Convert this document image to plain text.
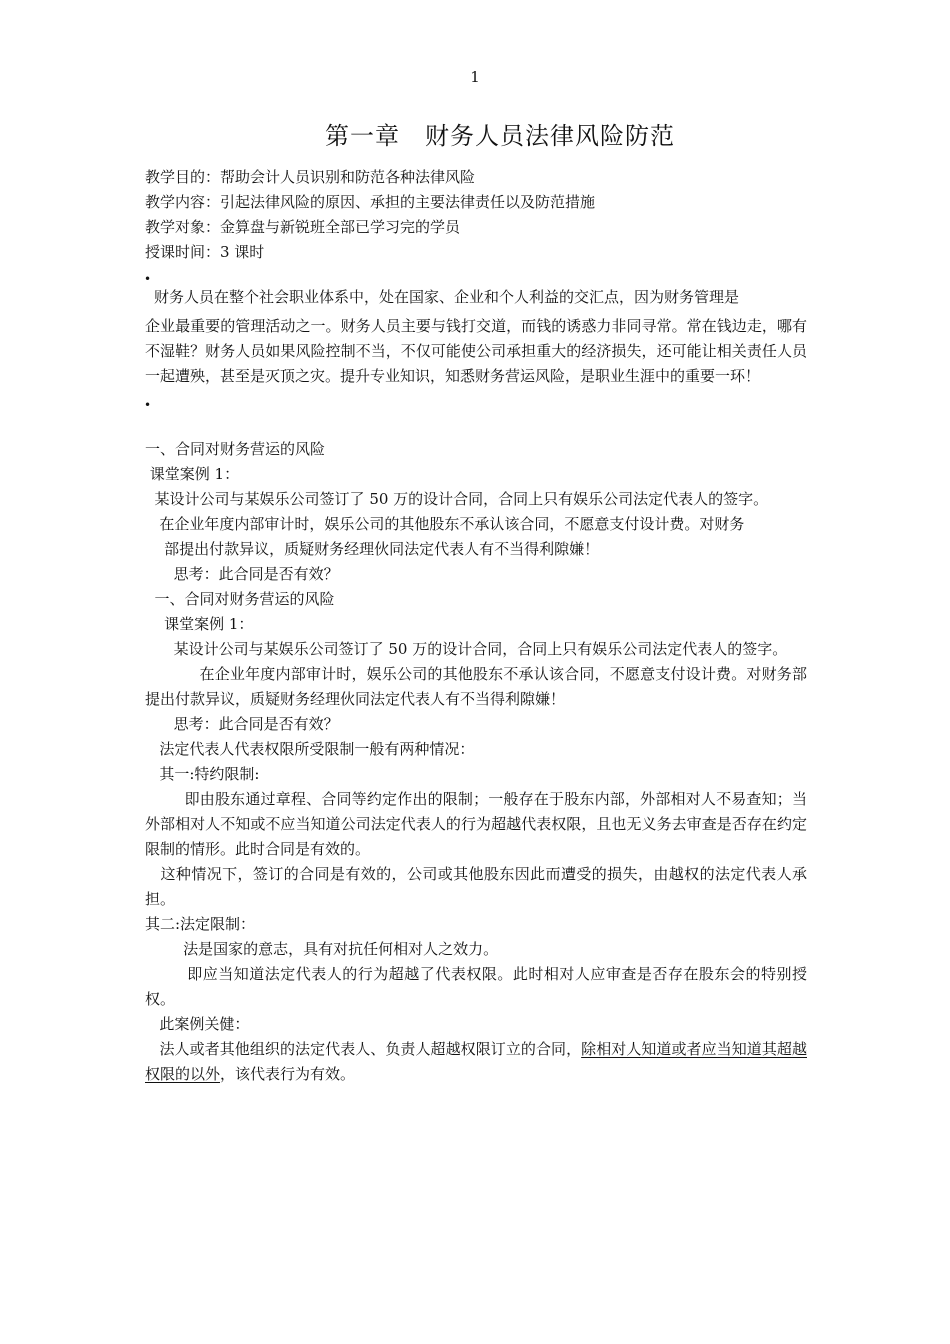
1
第一章　财务人员法律风险防范
教学目的：帮助会计人员识别和防范各种法律风险
教学内容：引起法律风险的原因、承担的主要法律责任以及防范措施
教学对象：金算盘与新锐班全部已学习完的学员
授课时间：3 课时
•
财务人员在整个社会职业体系中，处在国家、企业和个人利益的交汇点，因为财务管理是
企业最重要的管理活动之一。财务人员主要与钱打交道，而钱的诱惑力非同寻常。常在钱边走，哪有不湿鞋？财务人员如果风险控制不当，不仅可能使公司承担重大的经济损失，还可能让相关责任人员一起遭殃，甚至是灭顶之灾。提升专业知识，知悉财务营运风险，是职业生涯中的重要一环！
•
一、合同对财务营运的风险
课堂案例 1：
某设计公司与某娱乐公司签订了 50 万的设计合同，合同上只有娱乐公司法定代表人的签字。
在企业年度内部审计时，娱乐公司的其他股东不承认该合同，不愿意支付设计费。对财务
部提出付款异议，质疑财务经理伙同法定代表人有不当得利隙嫌！
思考：此合同是否有效？
一、合同对财务营运的风险
课堂案例 1：
某设计公司与某娱乐公司签订了 50 万的设计合同，合同上只有娱乐公司法定代表人的签字。
在企业年度内部审计时，娱乐公司的其他股东不承认该合同，不愿意支付设计费。对财务部提出付款异议，质疑财务经理伙同法定代表人有不当得利隙嫌！
思考：此合同是否有效？
法定代表人代表权限所受限制一般有两种情况：
其一:特约限制:
即由股东通过章程、合同等约定作出的限制；一般存在于股东内部，外部相对人不易查知；当外部相对人不知或不应当知道公司法定代表人的行为超越代表权限，且也无义务去审查是否存在约定限制的情形。此时合同是有效的。
这种情况下，签订的合同是有效的，公司或其他股东因此而遭受的损失，由越权的法定代表人承担。
其二:法定限制：
法是国家的意志，具有对抗任何相对人之效力。
即应当知道法定代表人的行为超越了代表权限。此时相对人应审查是否存在股东会的特别授权。
此案例关健：
法人或者其他组织的法定代表人、负责人超越权限订立的合同，除相对人知道或者应当知道其超越权限的以外，该代表行为有效。
